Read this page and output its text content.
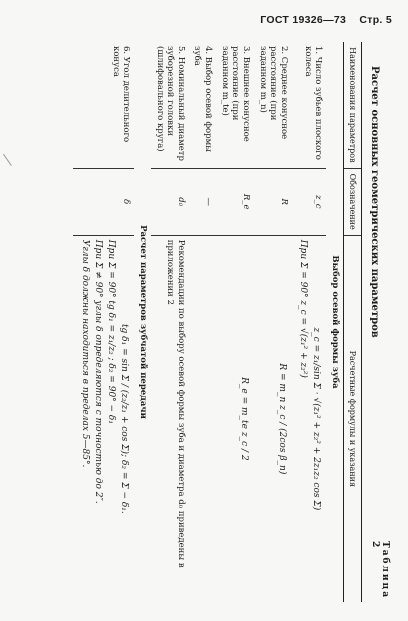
ГОСТ 19326—73 Стр. 5
Таблица 2
Расчет основных геометрических параметров
Наименования параметров	Обозначение	Расчетные формулы и указания
Выбор осевой формы зуба		
1. Число зубьев плоского колеса	z_c	z_c = z₁/sin Σ · √(z₁² + z₂² + 2z₁z₂ cos Σ)
При Σ = 90° z_c = √(z₁² + z₂²)

2. Среднее конусное расстояние (при заданном m_n)	R	R = m_n z_c / (2cos β_n)

3. Внешнее конусное расстояние (при заданном m_te)	R_e	R_e = m_te z_c / 2

4. Выбор осевой формы зуба	—	
5. Номинальный диаметр зуборезной головки (шлифовального круга)	d₀	Рекомендации по выбору осевой формы зуба и диаметра d₀ приведены в приложении 2
Расчет параметров зубчатой передачи		
6. Угол делительного конуса	δ	tg δ₁ = sin Σ / (z₂/z₁ + cos Σ); δ₂ = Σ − δ₁.
При Σ = 90° tg δ₁ = z₁/z₂ ; δ₂ = 90° − δ₁
При Σ ≠ 90° углы δ определяются с точностью до 2″.
Углы δ должны находиться в пределах 5—85°.
